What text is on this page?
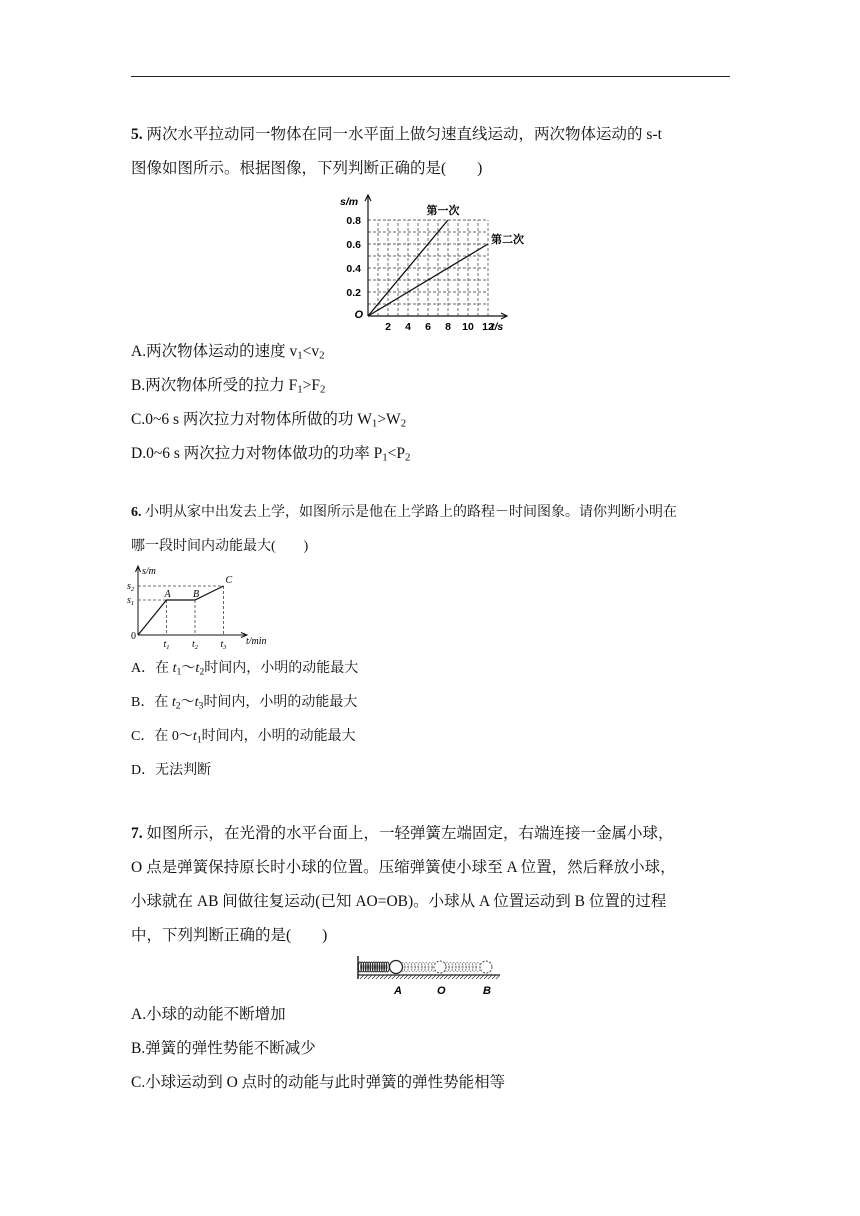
5. 两次水平拉动同一物体在同一水平面上做匀速直线运动，两次物体运动的 s-t
图像如图所示。根据图像，下列判断正确的是(　　)
2 4 6 8 10 12
0.2
0.4
0.6
0.8
O
s/m
t/s
第一次
第二次
A.两次物体运动的速度 $v_1<v_2$
B.两次物体所受的拉力 $F_1>F_2$
C.0~6 s 两次拉力对物体所做的功 $W_1>W_2$
D.0~6 s 两次拉力对物体做功的功率 $P_1<P_2$
6. 小明从家中出发去上学，如图所示是他在上学路上的路程－时间图象。请你判断小明在
哪一段时间内动能最大(　　)
A B
C
$t_1$ $t_2$ $t_3$
$s_1$
$s_2$
0
s/m
t/min
A．在 $t_1\sim t_2$时间内，小明的动能最大
B．在 $t_2\sim t_3$时间内，小明的动能最大
C．在 $0\sim t_1$时间内，小明的动能最大
D．无法判断
7. 如图所示，在光滑的水平台面上，一轻弹簧左端固定，右端连接一金属小球，
O 点是弹簧保持原长时小球的位置。压缩弹簧使小球至 A 位置，然后释放小球，
小球就在 AB 间做往复运动(已知 AO=OB)。小球从 A 位置运动到 B 位置的过程
中，下列判断正确的是(　　)
A	O	B
A.小球的动能不断增加
B.弹簧的弹性势能不断减少
C.小球运动到 O 点时的动能与此时弹簧的弹性势能相等
